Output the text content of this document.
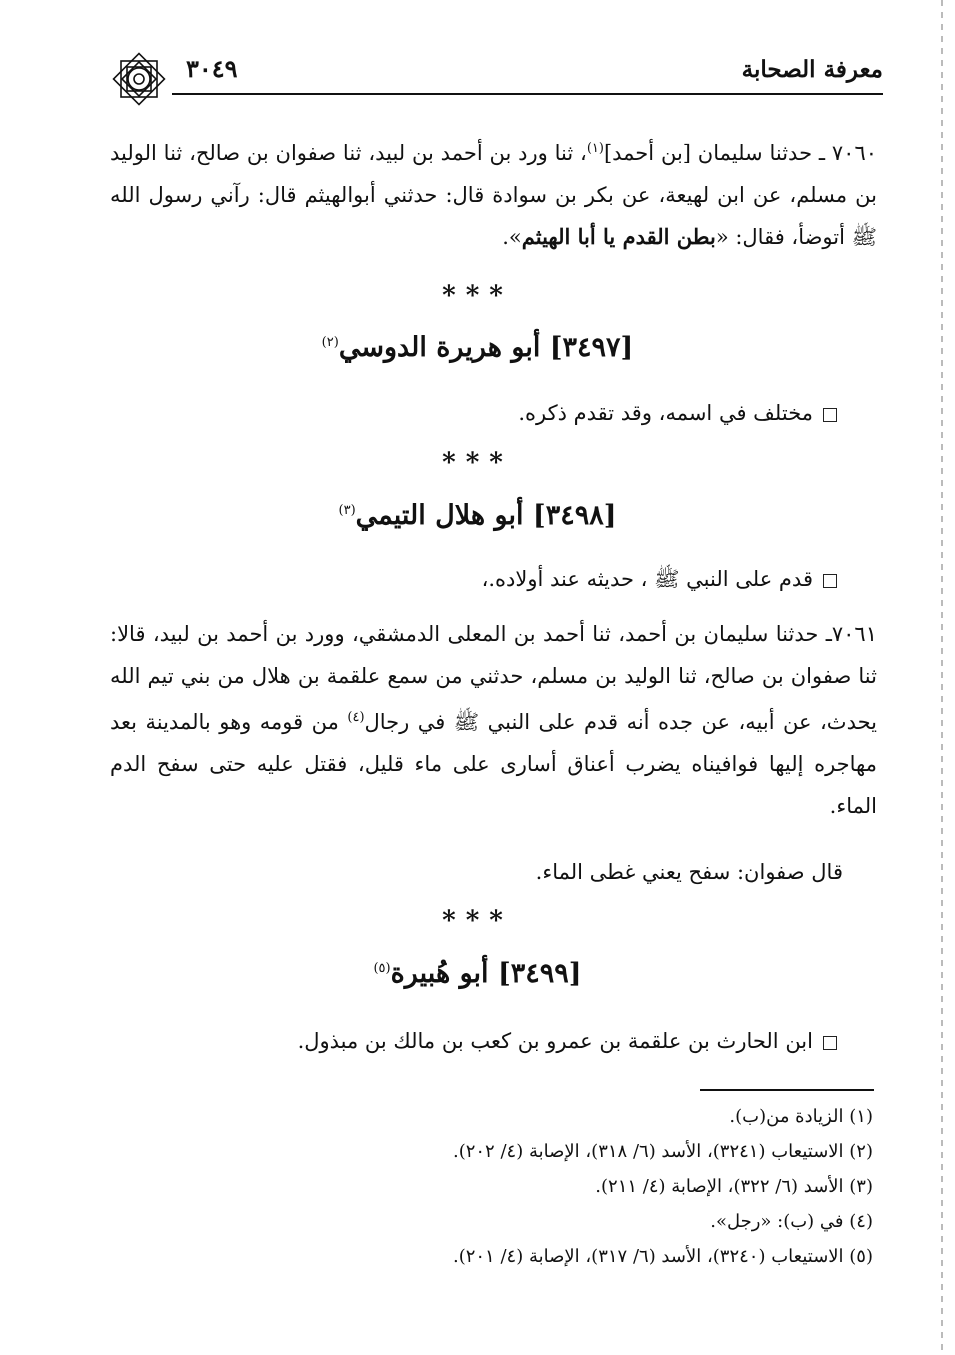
٣٠٤٩	معرفة الصحابة
٧٠٦٠ ـ حدثنا سليمان [بن أحمد]$^{(١)}$، ثنا ورد بن أحمد بن لبيد، ثنا صفوان بن صالح، ثنا الوليد بن مسلم، عن ابن لهيعة، عن بكر بن سوادة قال: حدثني أبوالهيثم قال: رآني رسول الله ﷺ أتوضأ، فقال: «بطن القدم يا أبا الهيثم».
***
[٣٤٩٧] أبو هريرة الدوسي$^{(٢)}$
مختلف في اسمه، وقد تقدم ذكره.
***
[٣٤٩٨] أبو هلال التيمي$^{(٣)}$
قدم على النبي ﷺ ، حديثه عند أولاده.،
٧٠٦١ـ حدثنا سليمان بن أحمد، ثنا أحمد بن المعلى الدمشقي، وورد بن أحمد بن لبيد، قالا: ثنا صفوان بن صالح، ثنا الوليد بن مسلم، حدثني من سمع علقمة بن هلال من بني تيم الله يحدث، عن أبيه، عن جده أنه قدم على النبي ﷺ في رجال$^{(٤)}$ من قومه وهو بالمدينة بعد مهاجره إليها فوافيناه يضرب أعناق أسارى على ماء قليل، فقتل عليه حتى سفح الدم الماء.
قال صفوان: سفح يعني غطى الماء.
***
[٣٤٩٩] أبو هُبيرة$^{(٥)}$
ابن الحارث بن علقمة بن عمرو بن كعب بن مالك بن مبذول.
(١) الزيادة من(ب).
(٢) الاستيعاب (٣٢٤١)، الأسد (٦/ ٣١٨)، الإصابة (٤/ ٢٠٢).
(٣) الأسد (٦/ ٣٢٢)، الإصابة (٤/ ٢١١).
(٤) في (ب): «رجل».
(٥) الاستيعاب (٣٢٤٠)، الأسد (٦/ ٣١٧)، الإصابة (٤/ ٢٠١).
